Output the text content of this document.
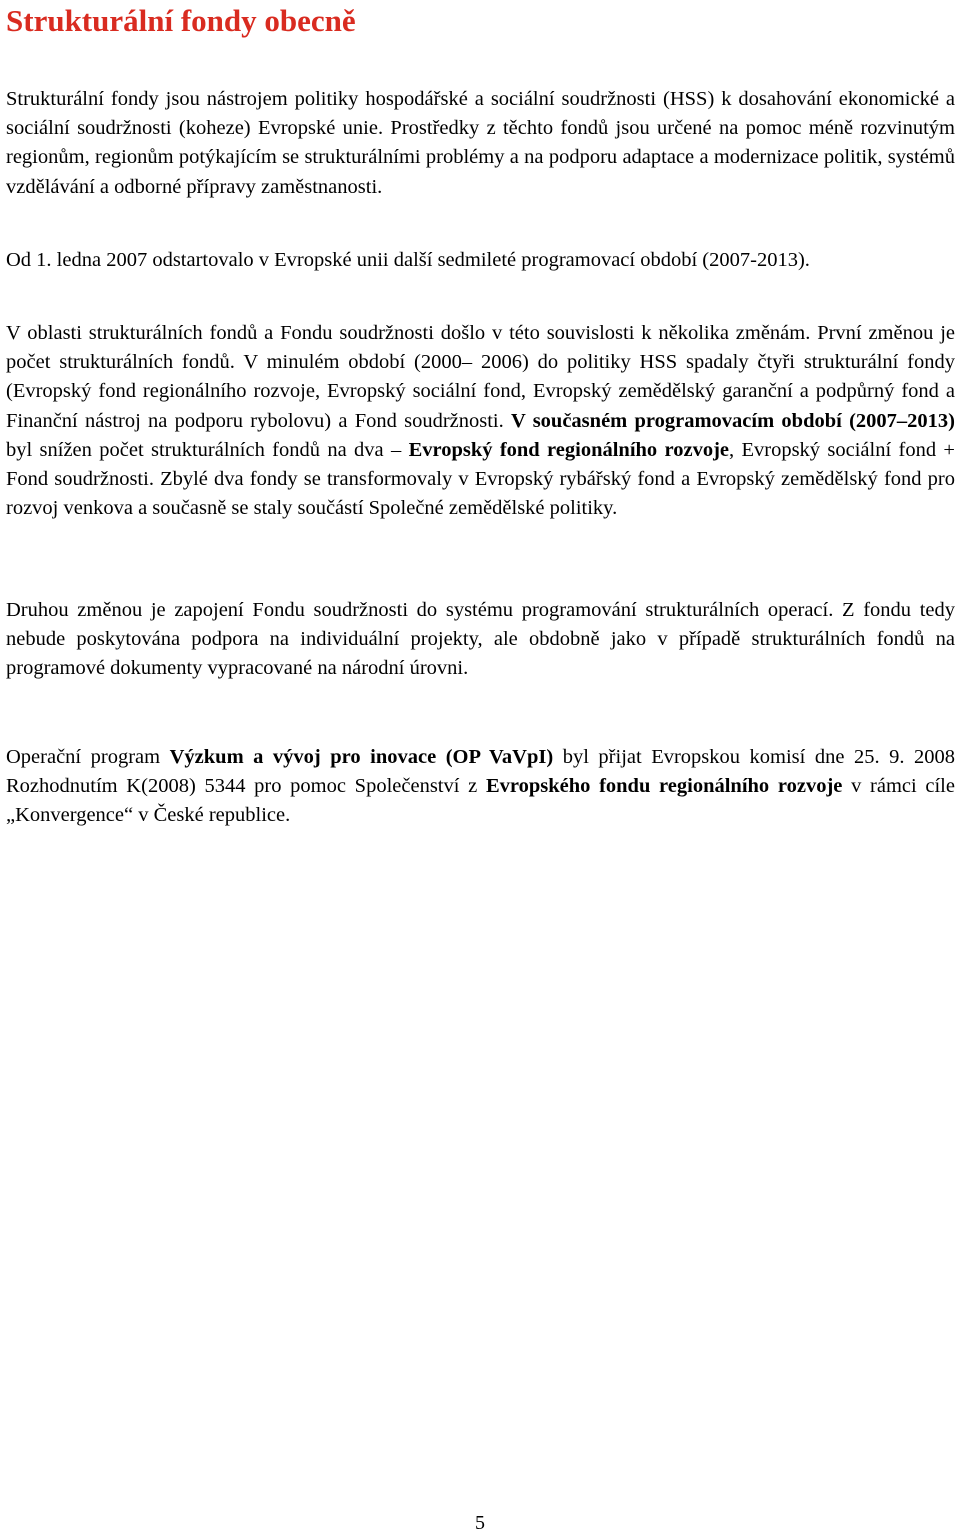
Strukturální fondy obecně

Strukturální fondy jsou nástrojem politiky hospodářské a sociální soudržnosti (HSS) k dosahování ekonomické a sociální soudržnosti (koheze) Evropské unie. Prostředky z těchto fondů jsou určené na pomoc méně rozvinutým regionům, regionům potýkajícím se strukturálními problémy a na podporu adaptace a modernizace politik, systémů vzdělávání a odborné přípravy zaměstnanosti.

Od 1. ledna 2007 odstartovalo v Evropské unii další sedmileté programovací období (2007-2013).

V oblasti strukturálních fondů a Fondu soudržnosti došlo v této souvislosti k několika změnám. První změnou je počet strukturálních fondů. V minulém období (2000– 2006) do politiky HSS spadaly čtyři strukturální fondy (Evropský fond regionálního rozvoje, Evropský sociální fond, Evropský zemědělský garanční a podpůrný fond a Finanční nástroj na podporu rybolovu) a Fond soudržnosti. V současném programovacím období (2007–2013) byl snížen počet strukturálních fondů na dva – Evropský fond regionálního rozvoje, Evropský sociální fond + Fond soudržnosti. Zbylé dva fondy se transformovaly v Evropský rybářský fond a Evropský zemědělský fond pro rozvoj venkova a současně se staly součástí Společné zemědělské politiky.

Druhou změnou je zapojení Fondu soudržnosti do systému programování strukturálních operací. Z fondu tedy nebude poskytována podpora na individuální projekty, ale obdobně jako v případě strukturálních fondů na programové dokumenty vypracované na národní úrovni.

Operační program Výzkum a vývoj pro inovace (OP VaVpI) byl přijat Evropskou komisí dne 25. 9. 2008 Rozhodnutím K(2008) 5344 pro pomoc Společenství z Evropského fondu regionálního rozvoje v rámci cíle „Konvergence“ v České republice.

5
